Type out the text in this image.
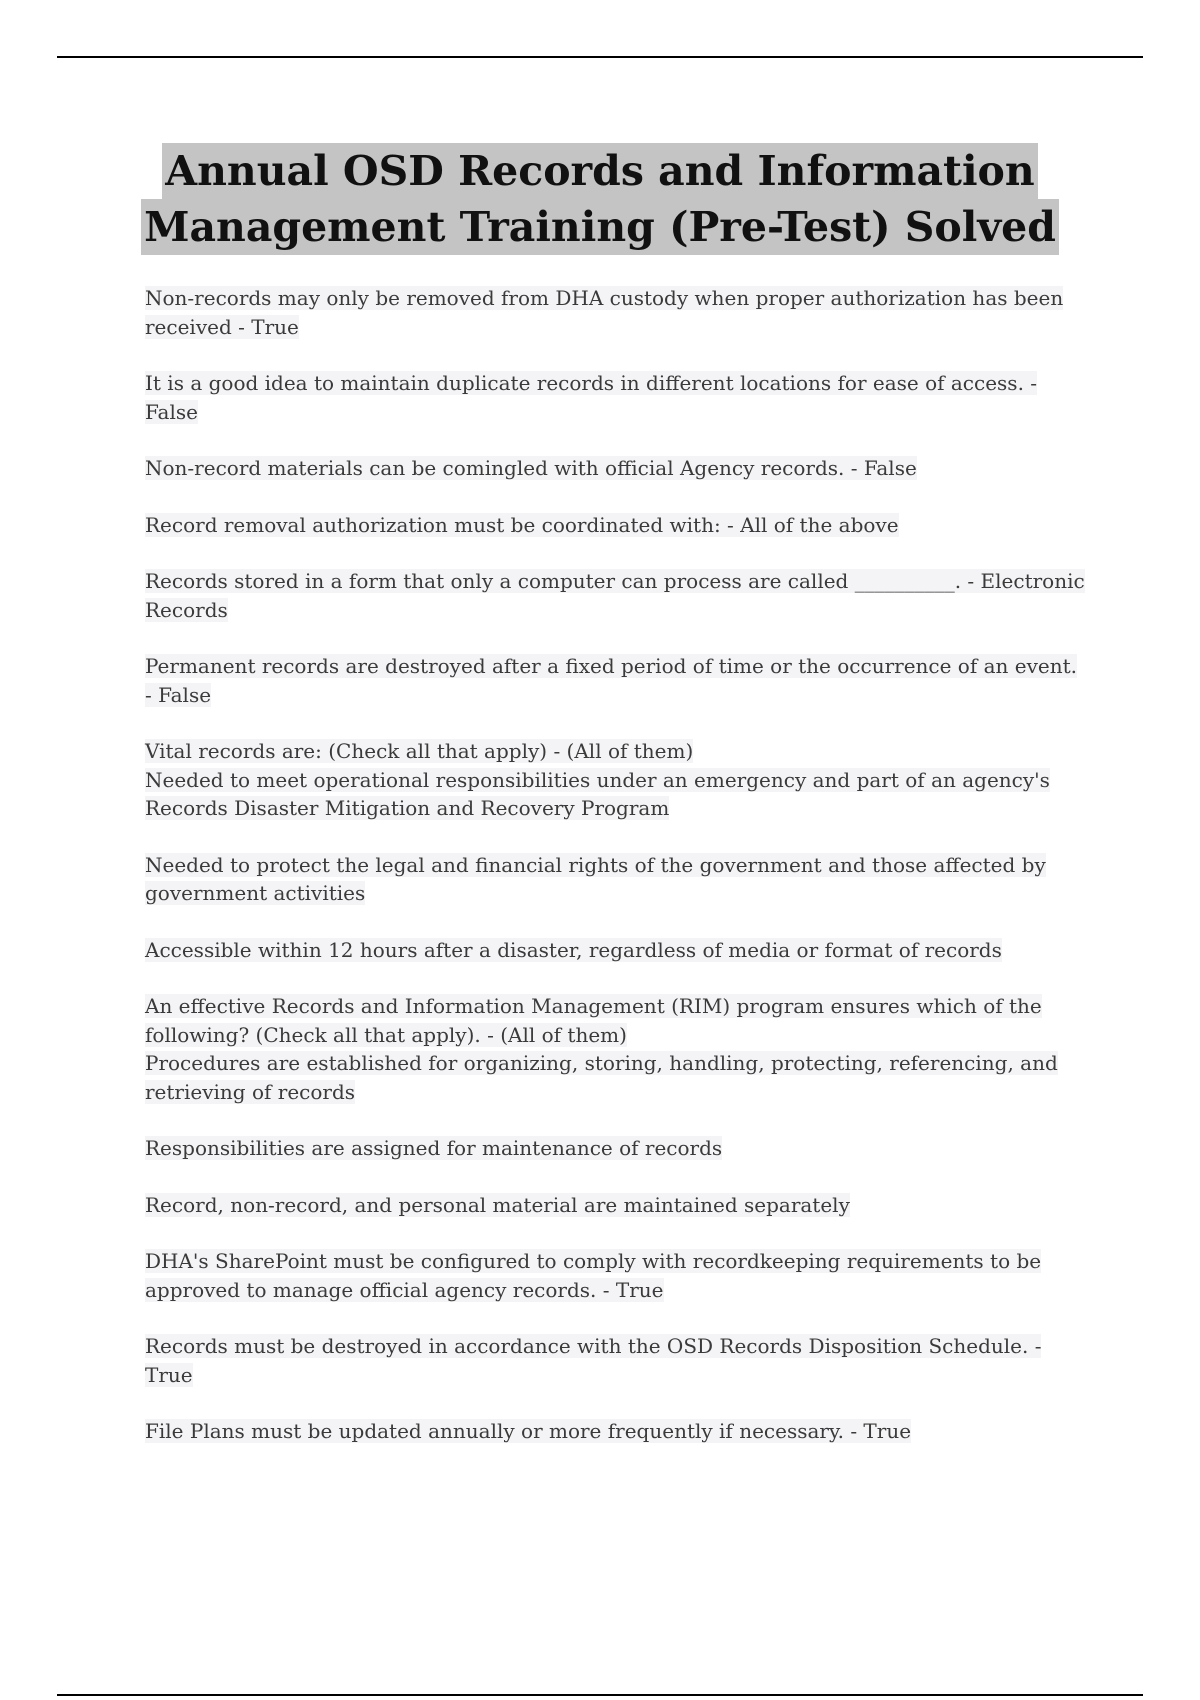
Annual OSD Records and Information
Management Training (Pre-Test) Solved

Non-records may only be removed from DHA custody when proper authorization has been received - True

It is a good idea to maintain duplicate records in different locations for ease of access. - False

Non-record materials can be comingled with official Agency records. - False

Record removal authorization must be coordinated with: - All of the above

Records stored in a form that only a computer can process are called __________. - Electronic Records

Permanent records are destroyed after a fixed period of time or the occurrence of an event. - False

Vital records are: (Check all that apply) - (All of them)

Needed to meet operational responsibilities under an emergency and part of an agency's Records Disaster Mitigation and Recovery Program

Needed to protect the legal and financial rights of the government and those affected by government activities

Accessible within 12 hours after a disaster, regardless of media or format of records

An effective Records and Information Management (RIM) program ensures which of the following? (Check all that apply). - (All of them)

Procedures are established for organizing, storing, handling, protecting, referencing, and retrieving of records

Responsibilities are assigned for maintenance of records

Record, non-record, and personal material are maintained separately

DHA's SharePoint must be configured to comply with recordkeeping requirements to be approved to manage official agency records. - True

Records must be destroyed in accordance with the OSD Records Disposition Schedule. - True

File Plans must be updated annually or more frequently if necessary. - True
